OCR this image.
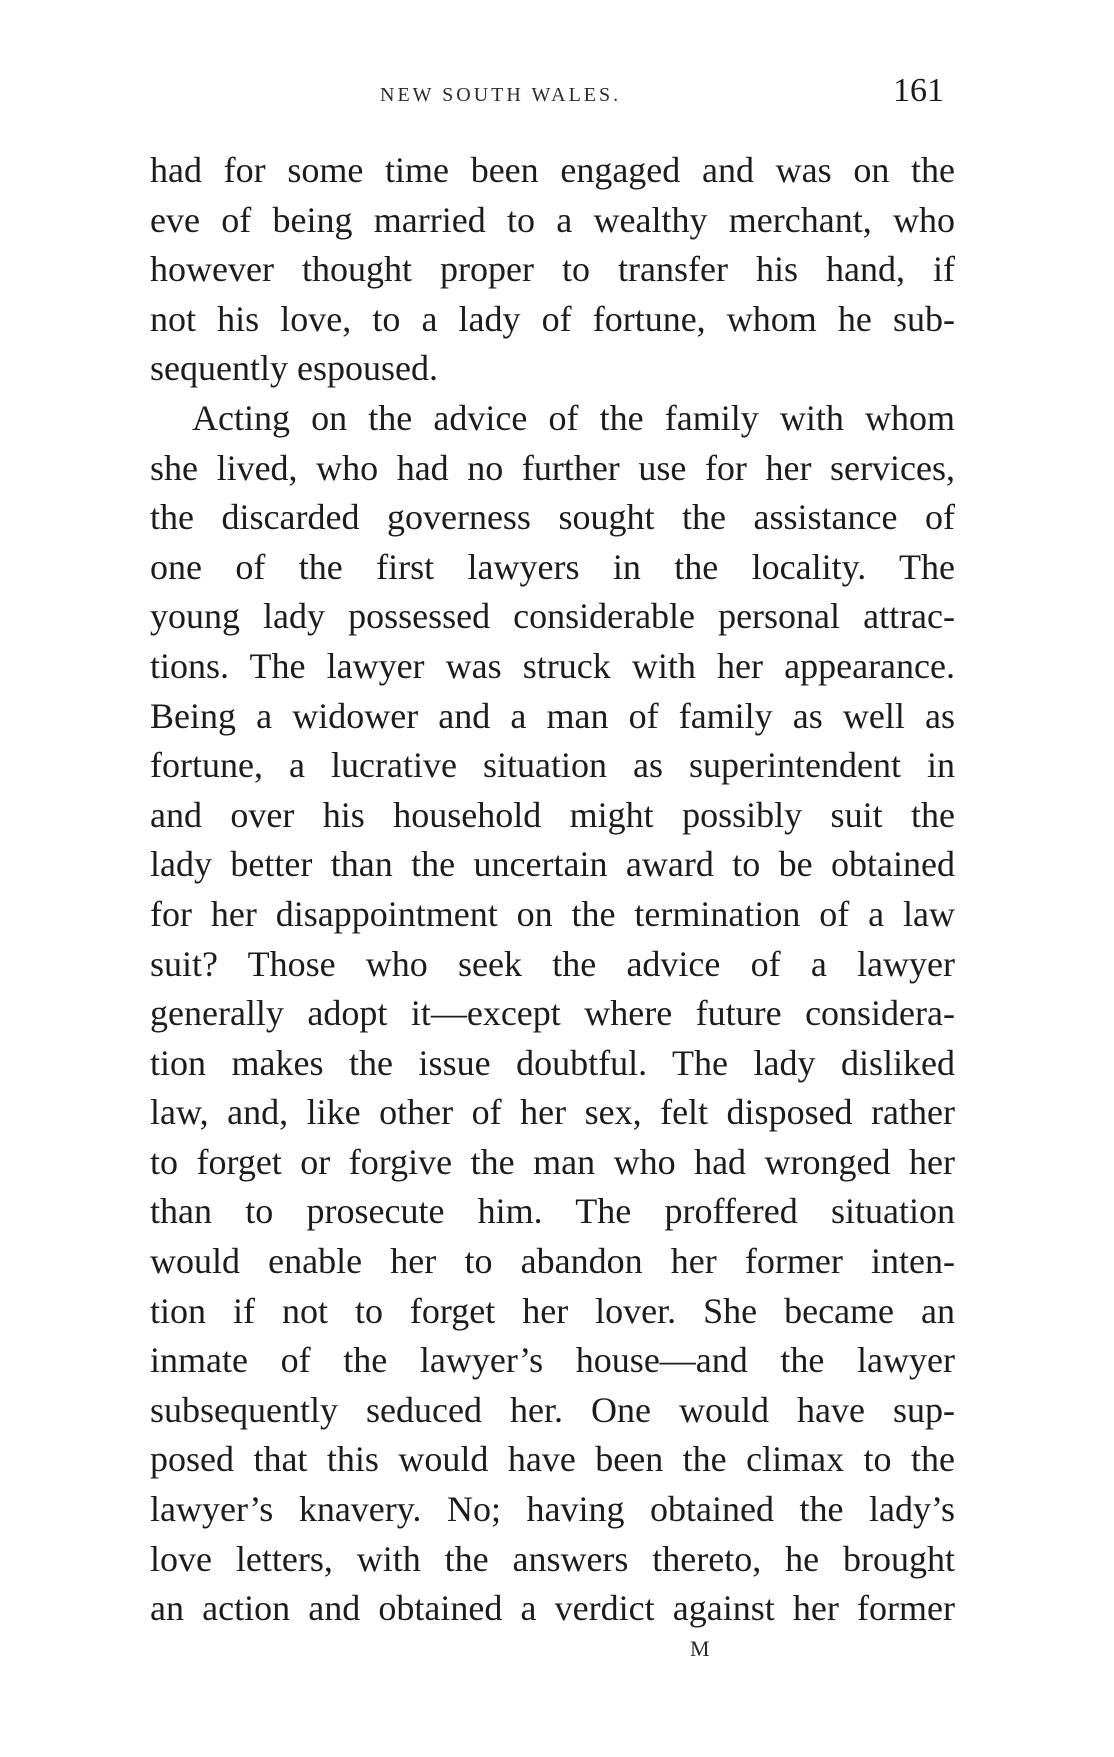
NEW SOUTH WALES.	161
had for some time been engaged and was on the
eve of being married to a wealthy merchant, who
however thought proper to transfer his hand, if
not his love, to a lady of fortune, whom he sub-
sequently espoused.
Acting on the advice of the family with whom
she lived, who had no further use for her services,
the discarded governess sought the assistance of
one of the first lawyers in the locality. The
young lady possessed considerable personal attrac-
tions. The lawyer was struck with her appearance.
Being a widower and a man of family as well as
fortune, a lucrative situation as superintendent in
and over his household might possibly suit the
lady better than the uncertain award to be obtained
for her disappointment on the termination of a law
suit? Those who seek the advice of a lawyer
generally adopt it—except where future considera-
tion makes the issue doubtful. The lady disliked
law, and, like other of her sex, felt disposed rather
to forget or forgive the man who had wronged her
than to prosecute him. The proffered situation
would enable her to abandon her former inten-
tion if not to forget her lover. She became an
inmate of the lawyer’s house—and the lawyer
subsequently seduced her. One would have sup-
posed that this would have been the climax to the
lawyer’s knavery. No; having obtained the lady’s
love letters, with the answers thereto, he brought
an action and obtained a verdict against her former
M
